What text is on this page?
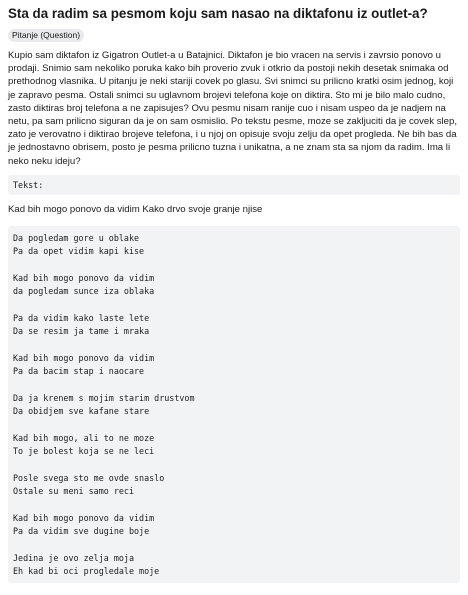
Sta da radim sa pesmom koju sam nasao na diktafonu iz outlet-a?
Pitanje (Question)

Kupio sam diktafon iz Gigatron Outlet-a u Batajnici. Diktafon je bio vracen na servis i zavrsio ponovo u prodaji. Snimio sam nekoliko poruka kako bih proverio zvuk i otkrio da postoji nekih desetak snimaka od prethodnog vlasnika. U pitanju je neki stariji covek po glasu. Svi snimci su prilicno kratki osim jednog, koji je zapravo pesma. Ostali snimci su uglavnom brojevi telefona koje on diktira. Sto mi je bilo malo cudno, zasto diktiras broj telefona a ne zapisujes? Ovu pesmu nisam ranije cuo i nisam uspeo da je nadjem na netu, pa sam prilicno siguran da je on sam osmislio. Po tekstu pesme, moze se zakljuciti da je covek slep, zato je verovatno i diktirao brojeve telefona, i u njoj on opisuje svoju zelju da opet progleda. Ne bih bas da je jednostavno obrisem, posto je pesma prilicno tuzna i unikatna, a ne znam sta sa njom da radim. Ima li neko neku ideju?

Tekst:

Kad bih mogo ponovo da vidim Kako drvo svoje granje njise

Da pogledam gore u oblake
Pa da opet vidim kapi kise
Kad bih mogo ponovo da vidim
da pogledam sunce iza oblaka
Pa da vidim kako laste lete
Da se resim ja tame i mraka
Kad bih mogo ponovo da vidim
Pa da bacim stap i naocare
Da ja krenem s mojim starim drustvom
Da obidjem sve kafane stare
Kad bih mogo, ali to ne moze
To je bolest koja se ne leci
Posle svega sto me ovde snaslo
Ostale su meni samo reci
Kad bih mogo ponovo da vidim
Pa da vidim sve dugine boje
Jedina je ovo zelja moja
Eh kad bi oci progledale moje
